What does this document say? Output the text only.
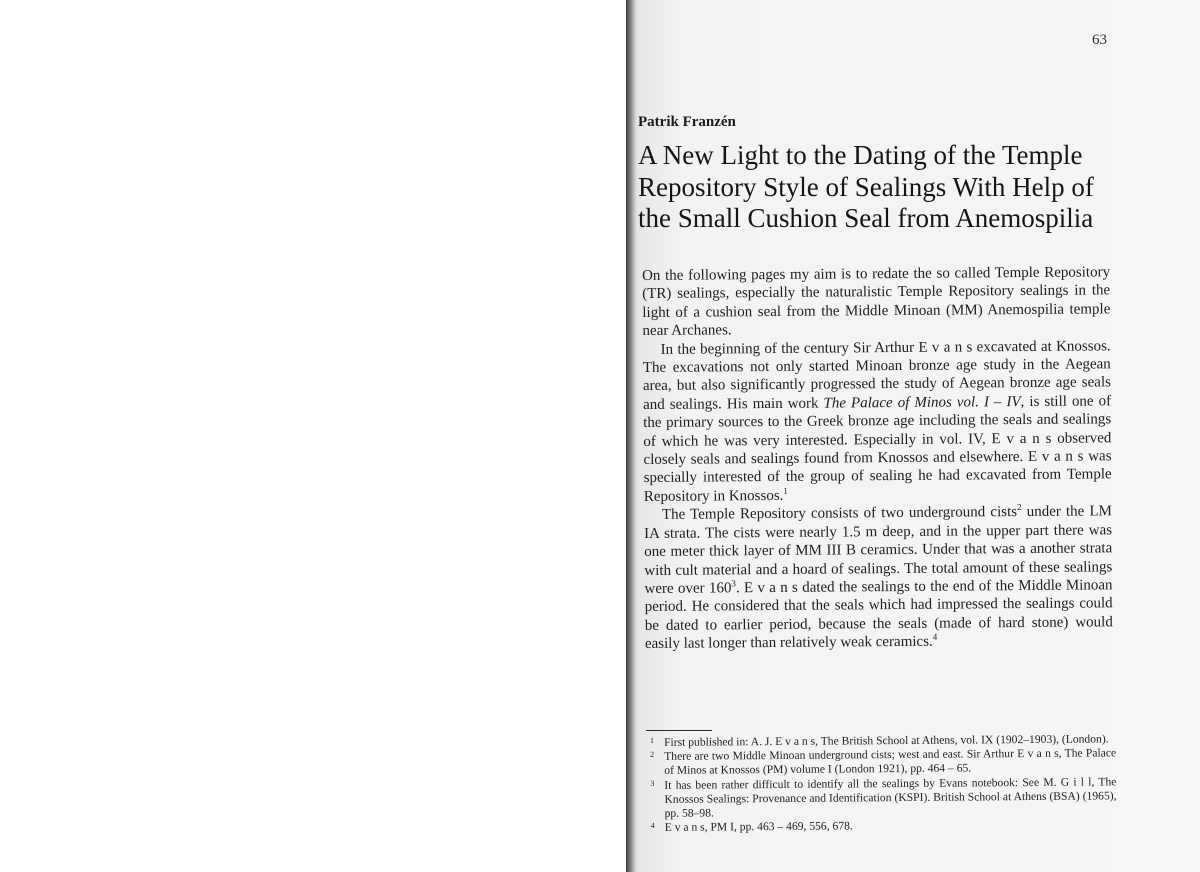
63
Patrik Franzén
A New Light to the Dating of the Temple Repository Style of Sealings With Help of the Small Cushion Seal from Anemospilia

On the following pages my aim is to redate the so called Temple Repository (TR) sealings, especially the naturalistic Temple Repository sealings in the light of a cushion seal from the Middle Minoan (MM) Anemospilia temple near Archanes.

In the beginning of the century Sir Arthur E v a n s excavated at Knossos. The excavations not only started Minoan bronze age study in the Aegean area, but also significantly progressed the study of Aegean bronze age seals and sealings. His main work The Palace of Minos vol. I – IV, is still one of the primary sources to the Greek bronze age including the seals and sealings of which he was very interested. Especially in vol. IV, E v a n s observed closely seals and sealings found from Knossos and elsewhere. E v a n s was specially interested of the group of sealing he had excavated from Temple Repository in Knossos.$^1$

The Temple Repository consists of two underground cists$^2$ under the LM IA strata. The cists were nearly 1.5 m deep, and in the upper part there was one meter thick layer of MM III B ceramics. Under that was a another strata with cult material and a hoard of sealings. The total amount of these sealings were over $160^3$. E v a n s dated the sealings to the end of the Middle Minoan period. He considered that the seals which had impressed the sealings could be dated to earlier period, because the seals (made of hard stone) would easily last longer than relatively weak ceramics.$^4$

1 First published in: A. J. E v a n s, The British School at Athens, vol. IX (1902–1903), (London).
2 There are two Middle Minoan underground cists; west and east. Sir Arthur E v a n s, The Palace of Minos at Knossos (PM) volume I (London 1921), pp. 464 – 65.
3 It has been rather difficult to identify all the sealings by Evans notebook: See M. G i l l, The Knossos Sealings: Provenance and Identification (KSPI). British School at Athens (BSA) (1965), pp. 58–98.
4 E v a n s, PM I, pp. 463 – 469, 556, 678.
